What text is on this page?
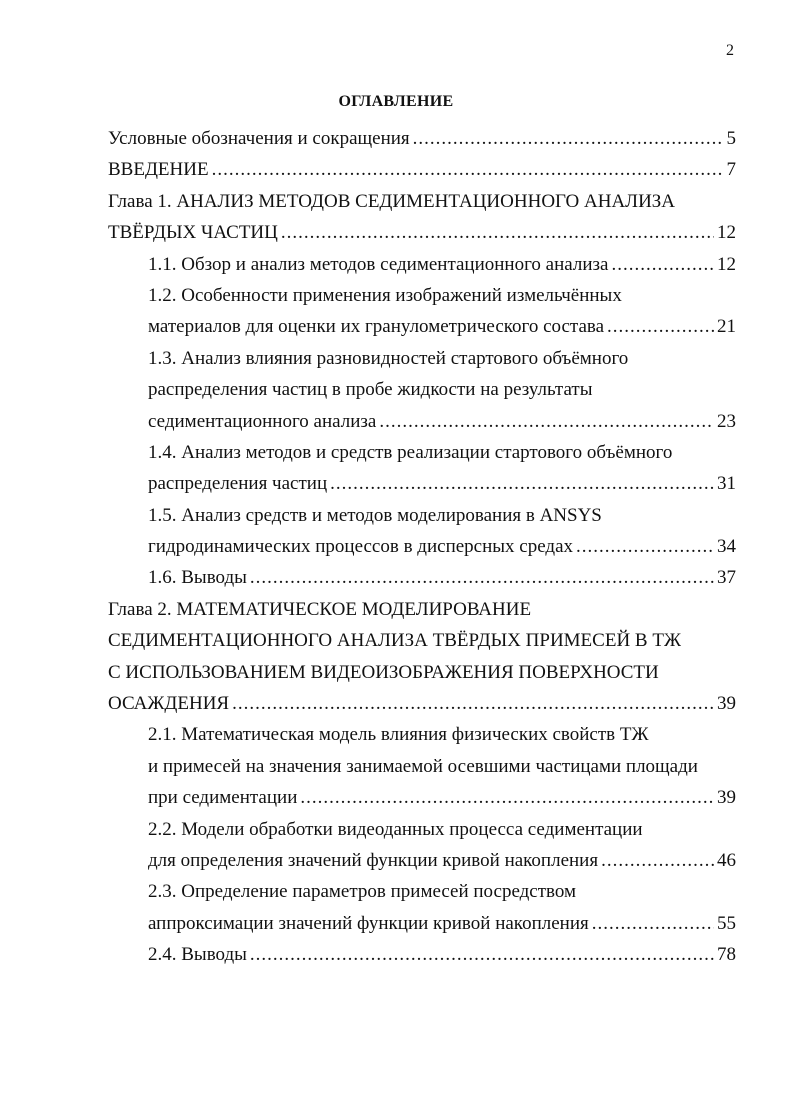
2
ОГЛАВЛЕНИЕ
Условные обозначения и сокращения .....	5
ВВЕДЕНИЕ .....	7
Глава 1. АНАЛИЗ МЕТОДОВ СЕДИМЕНТАЦИОННОГО АНАЛИЗА
ТВЁРДЫХ ЧАСТИЦ .....	12
1.1. Обзор и анализ методов седиментационного анализа .....	12
1.2. Особенности применения изображений измельчённых
материалов для оценки их гранулометрического состава .....	21
1.3. Анализ влияния разновидностей стартового объёмного
распределения частиц в пробе жидкости на результаты
седиментационного анализа .....	23
1.4. Анализ методов и средств реализации стартового объёмного
распределения частиц .....	31
1.5. Анализ средств и методов моделирования в ANSYS
гидродинамических процессов в дисперсных средах .....	34
1.6. Выводы .....	37
Глава 2. МАТЕМАТИЧЕСКОЕ МОДЕЛИРОВАНИЕ
СЕДИМЕНТАЦИОННОГО АНАЛИЗА ТВЁРДЫХ ПРИМЕСЕЙ В ТЖ
С ИСПОЛЬЗОВАНИЕМ ВИДЕОИЗОБРАЖЕНИЯ ПОВЕРХНОСТИ
ОСАЖДЕНИЯ .....	39
2.1. Математическая модель влияния физических свойств ТЖ
и примесей на значения занимаемой осевшими частицами площади
при седиментации .....	39
2.2. Модели обработки видеоданных процесса седиментации
для определения значений функции кривой накопления .....	46
2.3. Определение параметров примесей посредством
аппроксимации значений функции кривой накопления .....	55
2.4. Выводы .....	78
